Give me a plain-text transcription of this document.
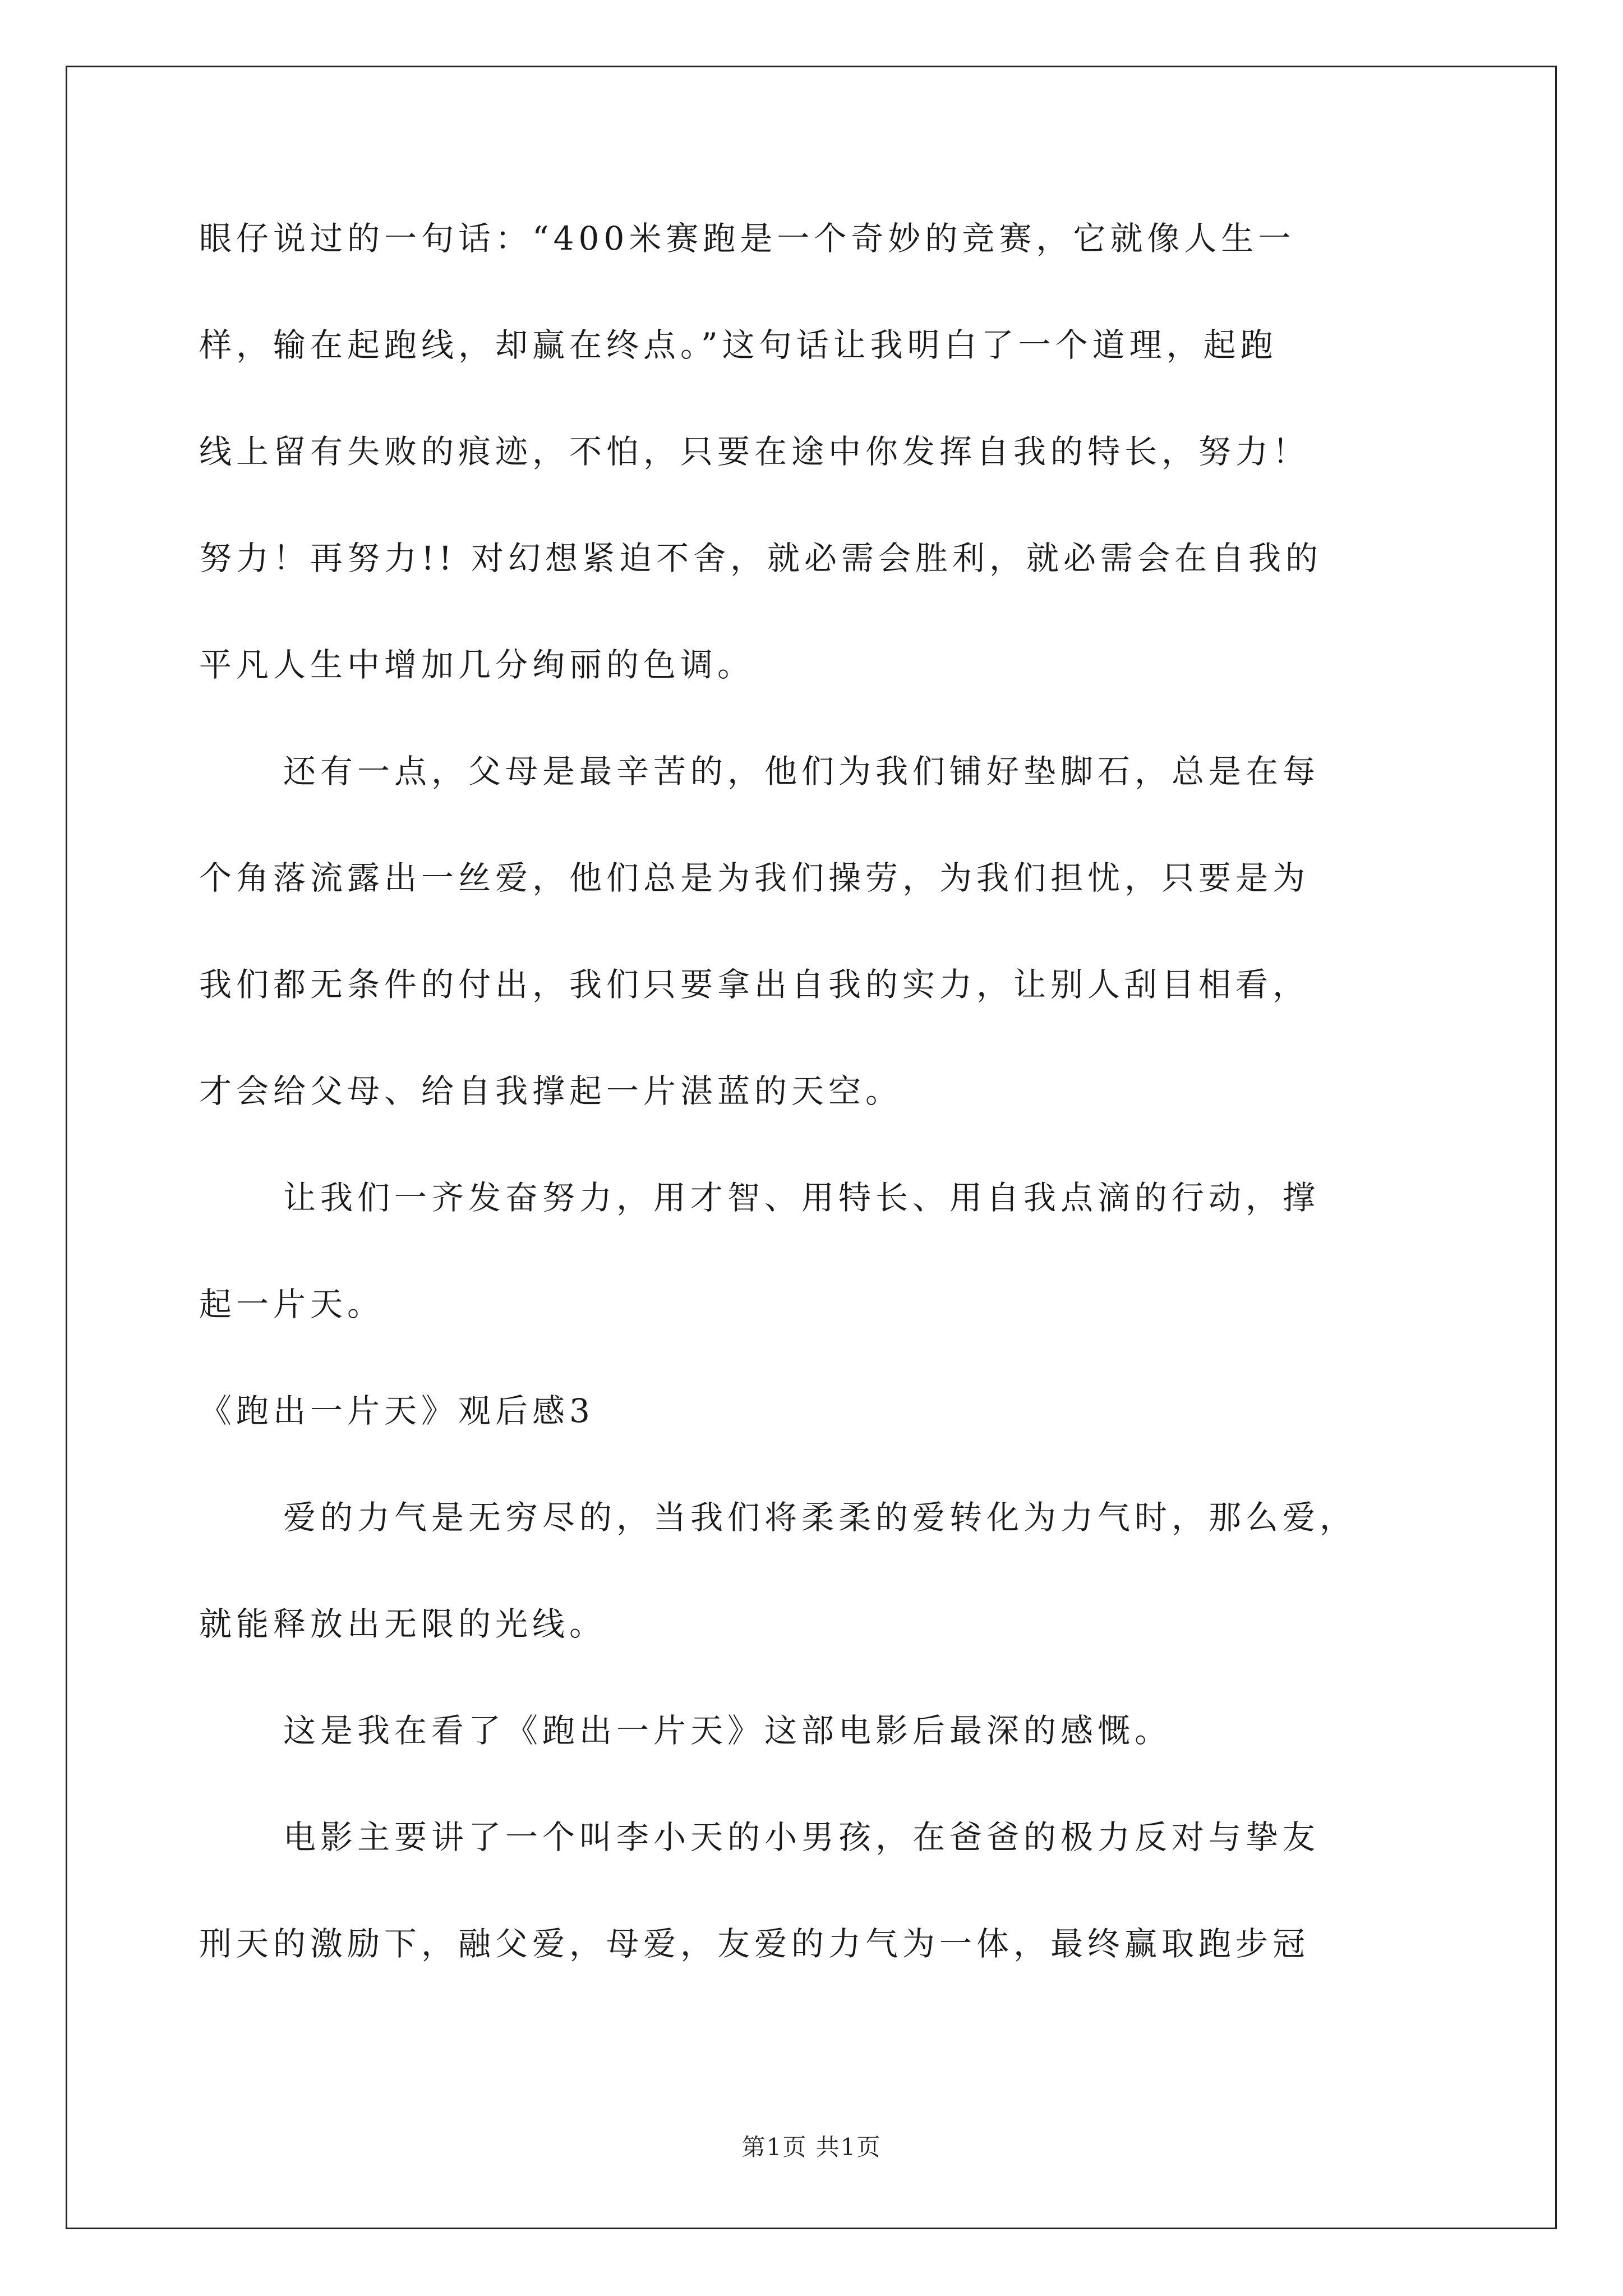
眼仔说过的一句话：“400米赛跑是一个奇妙的竞赛，它就像人生一
样，输在起跑线，却赢在终点。”这句话让我明白了一个道理，起跑
线上留有失败的痕迹，不怕，只要在途中你发挥自我的特长，努力！
努力！再努力!! 对幻想紧迫不舍，就必需会胜利，就必需会在自我的
平凡人生中增加几分绚丽的色调。
还有一点，父母是最辛苦的，他们为我们铺好垫脚石，总是在每
个角落流露出一丝爱，他们总是为我们操劳，为我们担忧，只要是为
我们都无条件的付出，我们只要拿出自我的实力，让别人刮目相看，
才会给父母、给自我撑起一片湛蓝的天空。
让我们一齐发奋努力，用才智、用特长、用自我点滴的行动，撑
起一片天。
《跑出一片天》观后感3
爱的力气是无穷尽的，当我们将柔柔的爱转化为力气时，那么爱，
就能释放出无限的光线。
这是我在看了《跑出一片天》这部电影后最深的感慨。
电影主要讲了一个叫李小天的小男孩，在爸爸的极力反对与挚友
刑天的激励下，融父爱，母爱，友爱的力气为一体，最终赢取跑步冠
第1页 共1页
